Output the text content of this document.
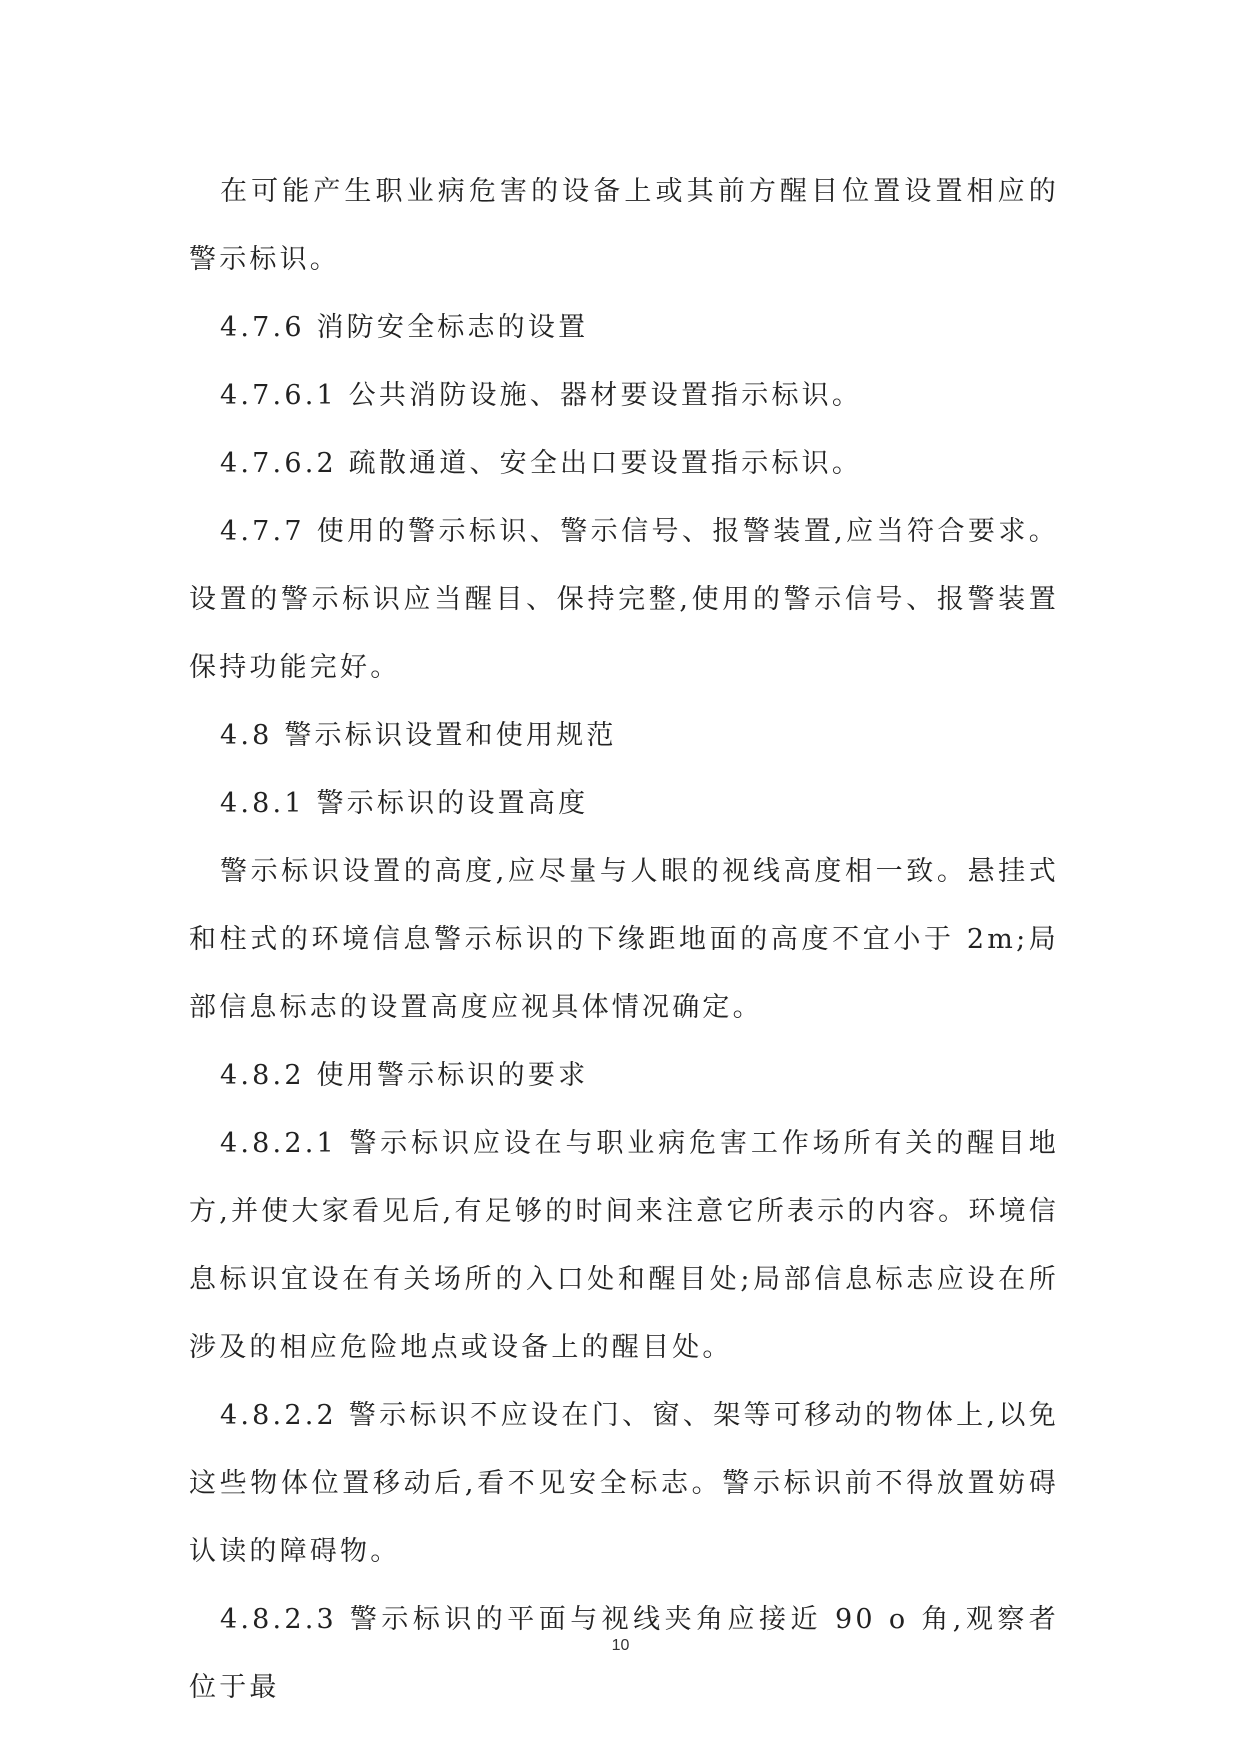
在可能产生职业病危害的设备上或其前方醒目位置设置相应的警示标识。

4.7.6 消防安全标志的设置

4.7.6.1 公共消防设施、器材要设置指示标识。

4.7.6.2 疏散通道、安全出口要设置指示标识。

4.7.7 使用的警示标识、警示信号、报警装置,应当符合要求。设置的警示标识应当醒目、保持完整,使用的警示信号、报警装置保持功能完好。

4.8 警示标识设置和使用规范

4.8.1 警示标识的设置高度

警示标识设置的高度,应尽量与人眼的视线高度相一致。悬挂式和柱式的环境信息警示标识的下缘距地面的高度不宜小于 2m;局部信息标志的设置高度应视具体情况确定。

4.8.2 使用警示标识的要求

4.8.2.1 警示标识应设在与职业病危害工作场所有关的醒目地方,并使大家看见后,有足够的时间来注意它所表示的内容。环境信息标识宜设在有关场所的入口处和醒目处;局部信息标志应设在所涉及的相应危险地点或设备上的醒目处。

4.8.2.2 警示标识不应设在门、窗、架等可移动的物体上,以免这些物体位置移动后,看不见安全标志。警示标识前不得放置妨碍认读的障碍物。

4.8.2.3 警示标识的平面与视线夹角应接近 90 o 角,观察者位于最

10
